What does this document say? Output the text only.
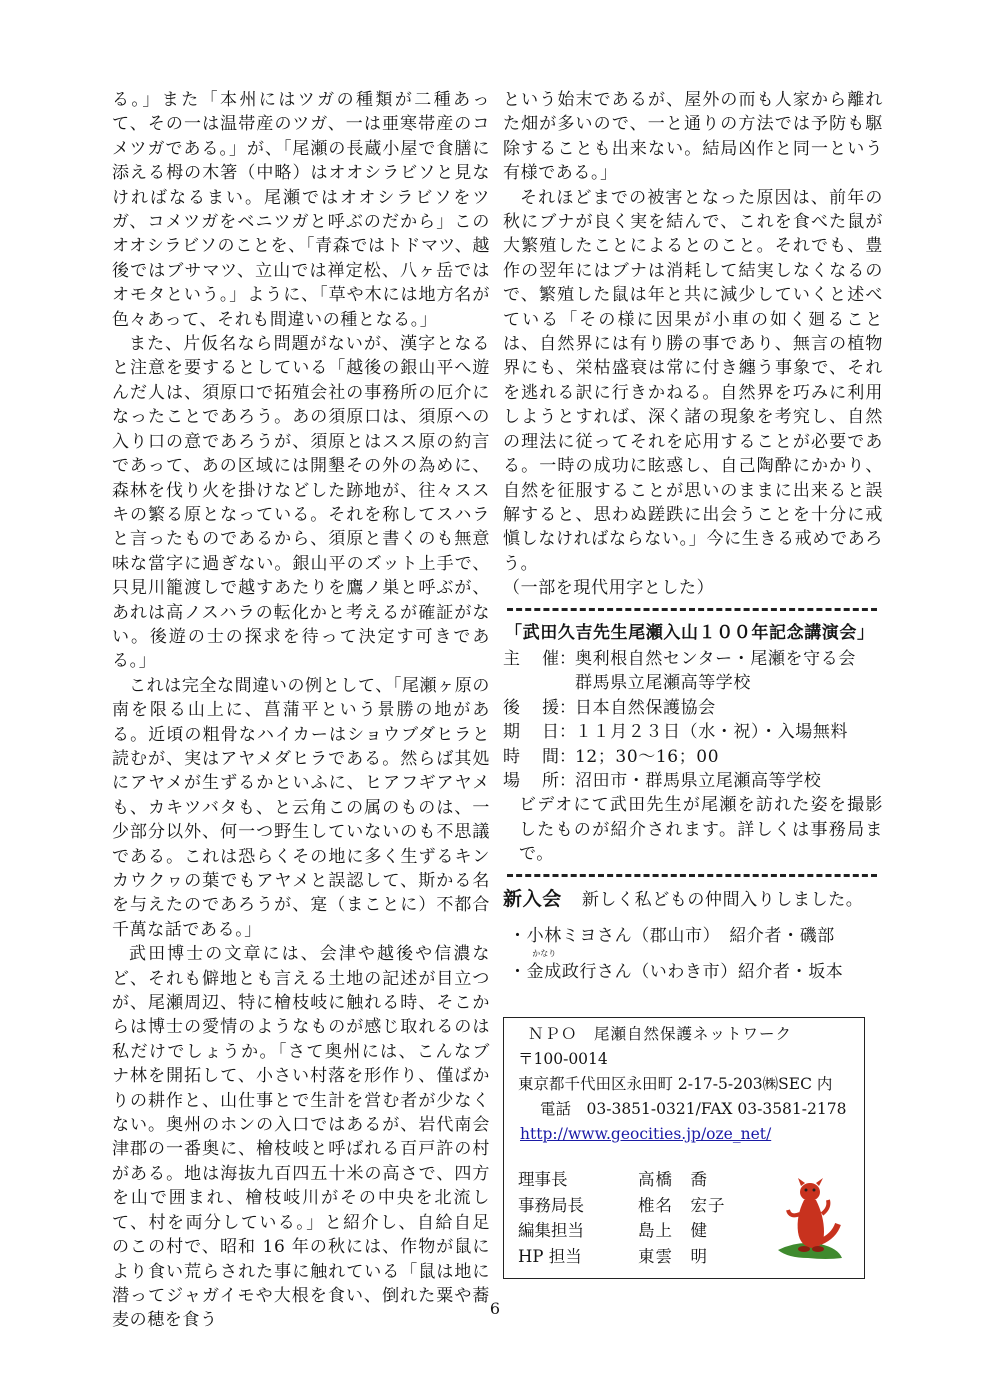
る。」また「本州にはツガの種類が二種あって、その一は温帯産のツガ、一は亜寒帯産のコメツガである。」が、「尾瀬の長蔵小屋で食膳に添える栂の木箸（中略）はオオシラビソと見なければなるまい。尾瀬ではオオシラビソをツガ、コメツガをベニツガと呼ぶのだから」このオオシラビソのことを、「青森ではトドマツ、越後ではブサマツ、立山では禅定松、八ヶ岳ではオモタという。」ように、「草や木には地方名が色々あって、それも間違いの種となる。」

また、片仮名なら問題がないが、漢字となると注意を要するとしている「越後の銀山平へ遊んだ人は、須原口で拓殖会社の事務所の厄介になったことであろう。あの須原口は、須原への入り口の意であろうが、須原とはスス原の約言であって、あの区域には開墾その外の為めに、森林を伐り火を掛けなどした跡地が、往々ススキの繁る原となっている。それを称してスハラと言ったものであるから、須原と書くのも無意味な當字に過ぎない。銀山平のズット上手で、只見川籠渡しで越すあたりを鷹ノ巣と呼ぶが、あれは高ノスハラの転化かと考えるが確証がない。後遊の士の探求を待って決定す可きである。」

これは完全な間違いの例として、「尾瀬ヶ原の南を限る山上に、菖蒲平という景勝の地がある。近頃の粗骨なハイカーはショウブダヒラと読むが、実はアヤメダヒラである。然らば其処にアヤメが生ずるかといふに、ヒアフギアヤメも、カキツバタも、と云角この属のものは、一少部分以外、何一つ野生していないのも不思議である。これは恐らくその地に多く生ずるキンカウクヮの葉でもアヤメと誤認して、斯かる名を与えたのであろうが、寔（まことに）不都合千萬な話である。」

武田博士の文章には、会津や越後や信濃など、それも僻地とも言える土地の記述が目立つが、尾瀬周辺、特に檜枝岐に触れる時、そこからは博士の愛情のようなものが感じ取れるのは私だけでしょうか。「さて奥州には、こんなブナ林を開拓して、小さい村落を形作り、僅ばかりの耕作と、山仕事とで生計を営む者が少なくない。奥州のホンの入口ではあるが、岩代南会津郡の一番奥に、檜枝岐と呼ばれる百戸許の村がある。地は海抜九百四五十米の高さで、四方を山で囲まれ、檜枝岐川がその中央を北流して、村を両分している。」と紹介し、自給自足のこの村で、昭和 16 年の秋には、作物が鼠により食い荒らされた事に触れている「鼠は地に潜ってジャガイモや大根を食い、倒れた粟や蕎麦の穂を食う

という始末であるが、屋外の而も人家から離れた畑が多いので、一と通りの方法では予防も駆除することも出来ない。結局凶作と同一という有様である。」

それほどまでの被害となった原因は、前年の秋にブナが良く実を結んで、これを食べた鼠が大繁殖したことによるとのこと。それでも、豊作の翌年にはブナは消耗して結実しなくなるので、繁殖した鼠は年と共に減少していくと述べている「その様に因果が小車の如く廻ることは、自然界には有り勝の事であり、無言の植物界にも、栄枯盛衰は常に付き纏う事象で、それを逃れる訳に行きかねる。自然界を巧みに利用しようとすれば、深く諸の現象を考究し、自然の理法に従ってそれを応用することが必要である。一時の成功に眩惑し、自己陶酔にかかり、自然を征服することが思いのままに出来ると誤解すると、思わぬ蹉跌に出会うことを十分に戒愼しなければならない。」今に生きる戒めであろう。

（一部を現代用字とした）

「武田久吉先生尾瀬入山１００年記念講演会」
主 催： 奥利根自然センター・尾瀬を守る会
群馬県立尾瀬高等学校
後 援： 日本自然保護協会
期 日： １１月２３日（水・祝）・入場無料
時 間： 12；30〜16；00
場 所： 沼田市・群馬県立尾瀬高等学校

ビデオにて武田先生が尾瀬を訪れた姿を撮影したものが紹介されます。詳しくは事務局まで。

新入会 新しく私どもの仲間入りしました。
・小林ミヨさん（郡山市）　 紹介者・磯部
・金成
かなり
政行さん（いわき市）紹介者・坂本
ＮＰＯ　尾瀬自然保護ネットワーク
〒100-0014
東京都千代田区永田町 2-17-5-203㈱SEC 内
電話　03-3851-0321/FAX 03-3581-2178
http://www.geocities.jp/oze_net/
理事長	高橋　喬
事務局長	椎名　宏子
編集担当	島上　健
HP 担当	東雲　明
6
